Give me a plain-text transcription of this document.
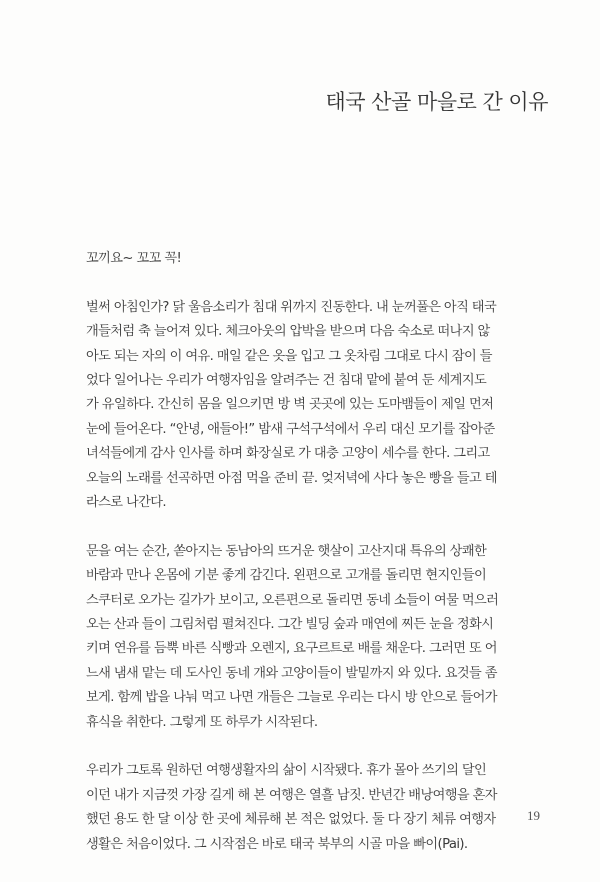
태국 산골 마을로 간 이유

꼬끼요~ 꼬꼬 꼭!

벌써 아침인가? 닭 울음소리가 침대 위까지 진동한다. 내 눈꺼풀은 아직 태국
개들처럼 축 늘어져 있다. 체크아웃의 압박을 받으며 다음 숙소로 떠나지 않
아도 되는 자의 이 여유. 매일 같은 옷을 입고 그 옷차림 그대로 다시 잠이 들
었다 일어나는 우리가 여행자임을 알려주는 건 침대 맡에 붙여 둔 세계지도
가 유일하다. 간신히 몸을 일으키면 방 벽 곳곳에 있는 도마뱀들이 제일 먼저
눈에 들어온다. “안녕, 애들아!” 밤새 구석구석에서 우리 대신 모기를 잡아준
녀석들에게 감사 인사를 하며 화장실로 가 대충 고양이 세수를 한다. 그리고
오늘의 노래를 선곡하면 아점 먹을 준비 끝. 엊저녁에 사다 놓은 빵을 들고 테
라스로 나간다.

문을 여는 순간, 쏟아지는 동남아의 뜨거운 햇살이 고산지대 특유의 상쾌한
바람과 만나 온몸에 기분 좋게 감긴다. 왼편으로 고개를 돌리면 현지인들이
스쿠터로 오가는 길가가 보이고, 오른편으로 돌리면 동네 소들이 여물 먹으러
오는 산과 들이 그림처럼 펼쳐진다. 그간 빌딩 숲과 매연에 찌든 눈을 정화시
키며 연유를 듬뿍 바른 식빵과 오렌지, 요구르트로 배를 채운다. 그러면 또 어
느새 냄새 맡는 데 도사인 동네 개와 고양이들이 발밑까지 와 있다. 요것들 좀
보게. 함께 밥을 나눠 먹고 나면 개들은 그늘로 우리는 다시 방 안으로 들어가
휴식을 취한다. 그렇게 또 하루가 시작된다.

우리가 그토록 원하던 여행생활자의 삶이 시작됐다. 휴가 몰아 쓰기의 달인
이던 내가 지금껏 가장 길게 해 본 여행은 열흘 남짓. 반년간 배낭여행을 혼자
했던 용도 한 달 이상 한 곳에 체류해 본 적은 없었다. 둘 다 장기 체류 여행자
생활은 처음이었다. 그 시작점은 바로 태국 북부의 시골 마을 빠이(Pai).

19
